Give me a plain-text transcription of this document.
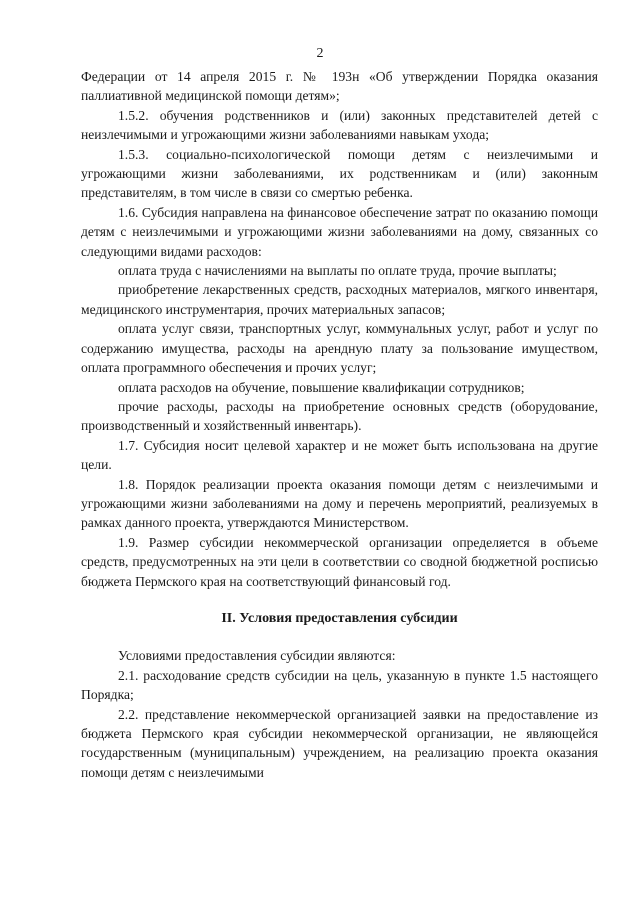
2

Федерации от 14 апреля 2015 г. № 193н «Об утверждении Порядка оказания паллиативной медицинской помощи детям»;

1.5.2. обучения родственников и (или) законных представителей детей с неизлечимыми и угрожающими жизни заболеваниями навыкам ухода;

1.5.3. социально-психологической помощи детям с неизлечимыми и угрожающими жизни заболеваниями, их родственникам и (или) законным представителям, в том числе в связи со смертью ребенка.

1.6. Субсидия направлена на финансовое обеспечение затрат по оказанию помощи детям с неизлечимыми и угрожающими жизни заболеваниями на дому, связанных со следующими видами расходов:

оплата труда с начислениями на выплаты по оплате труда, прочие выплаты;

приобретение лекарственных средств, расходных материалов, мягкого инвентаря, медицинского инструментария, прочих материальных запасов;

оплата услуг связи, транспортных услуг, коммунальных услуг, работ и услуг по содержанию имущества, расходы на арендную плату за пользование имуществом, оплата программного обеспечения и прочих услуг;

оплата расходов на обучение, повышение квалификации сотрудников;

прочие расходы, расходы на приобретение основных средств (оборудование, производственный и хозяйственный инвентарь).

1.7. Субсидия носит целевой характер и не может быть использована на другие цели.

1.8. Порядок реализации проекта оказания помощи детям с неизлечимыми и угрожающими жизни заболеваниями на дому и перечень мероприятий, реализуемых в рамках данного проекта, утверждаются Министерством.

1.9. Размер субсидии некоммерческой организации определяется в объеме средств, предусмотренных на эти цели в соответствии со сводной бюджетной росписью бюджета Пермского края на соответствующий финансовый год.

II. Условия предоставления субсидии

Условиями предоставления субсидии являются:

2.1. расходование средств субсидии на цель, указанную в пункте 1.5 настоящего Порядка;

2.2. представление некоммерческой организацией заявки на предоставление из бюджета Пермского края субсидии некоммерческой организации, не являющейся государственным (муниципальным) учреждением, на реализацию проекта оказания помощи детям с неизлечимыми
